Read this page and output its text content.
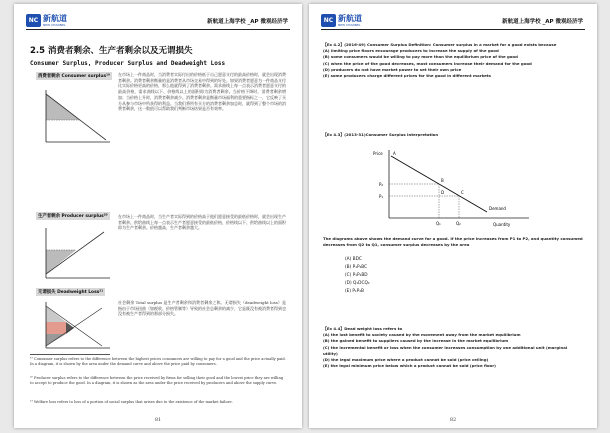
NC 新航道
NEW CHANNEL	新航道上海学校 _AP 微观经济学
2.5 消费者剩余、生产者剩余以及无谓损失
Consumer Surplus, Producer Surplus and Deadweight Loss
消费者剩余 Consumer surplus¹⁹	在市场上一件商品时，当消费者实际付出的价格低于自己愿意支付的最高价格时，就会出现消费者剩余。消费者剩余衡量的是消费者从市场交易中得到的好处。如果消费者愿意为一件商品支付比实际价格更高的价格，那么他就得到了消费者剩余。需求曲线上每一点表示消费者愿意支付的最高价格，需求曲线以下、价格线以上的面积即为消费者剩余。当价格下降时，消费者剩余增加；当价格上升时，消费者剩余减少。消费者剩余是衡量市场福利的重要指标之一，它反映了买方从参与市场中所获得的利益。当我们将所有买方的消费者剩余加总时，就得到了整个市场的消费者剩余，这一数值可以帮助我们判断市场结果是否有效率。
生产者剩余 Producer surplus²⁰	在市场上一件商品时，当生产者实际得到的价格高于他们愿意接受的最低价格时，就会出现生产者剩余。供给曲线上每一点表示生产者愿意接受的最低价格，价格线以下、供给曲线以上的面积即为生产者剩余。价格越高，生产者剩余越大。
无谓损失 Deadweight Loss²¹
社会剩余 Total surplus 是生产者剩余和消费者剩余之和。无谓损失（deadweight loss）是指由于市场扭曲（如税收、价格管制等）导致的社会总剩余的减少，它是既没有被消费者得到也没有被生产者得到的那部分损失。
¹⁹ Consumer surplus refers to the difference between the highest prices consumers are willing to pay for a good and the price actually paid. In a diagram, it is shown by the area under the demand curve and above the price paid by consumers.
²⁰ Producer surplus refers to the difference between the price received by firms for selling their good and the lowest price they are willing to accept to produce the good. In a diagram, it is shown as the area under the price received by producers and above the supply curve.
²¹ Welfare loss refers to loss of a portion of social surplus that arises due to the existence of the market failure.
81
NC 新航道
NEW CHANNEL	新航道上海学校 _AP 微观经济学
【Ex 4.2】(2016-49) Consumer Surplus Definition: Consumer surplus in a market for a good exists because
(A) limiting price floors encourage producers to increase the supply of the good
(B) some consumers would be willing to pay more than the equilibrium price of the good
(C) when the price of the good decreases, most consumers increase their demand for the good
(D) producers do not have market power to set their own price
(E) some producers charge different prices for the good in different markets
【Ex 4.3】(2013-31)Consumer Surplus Interpretation
Price
Quantity
Demand
A
B
C
D
P₂
P₁
Q₁	Q₂
The diagrams above shows the demand curve for a good. If the price increases from P1 to P2, and quantity consumed decreases from Q2 to Q1, consumer surplus decreases by the area
(A) BDC
(B) P₁P₂BC
(C) P₁P₂BD
(D) Q₁DCQ₂
(E) P₁P₂B
【Ex 4.4】Dead weight loss refers to
(A) the lost benefit to society caused by the movement away from the market equilibrium
(B) the gained benefit to suppliers caused by the increase in the market equilibrium
(C) the incremental benefit or loss when the consumer increases consumption by one additional unit (marginal utility)
(D) the legal maximum price where a product cannot be sold (price ceiling)
(E) the legal minimum price below which a product cannot be sold (price floor)
82
